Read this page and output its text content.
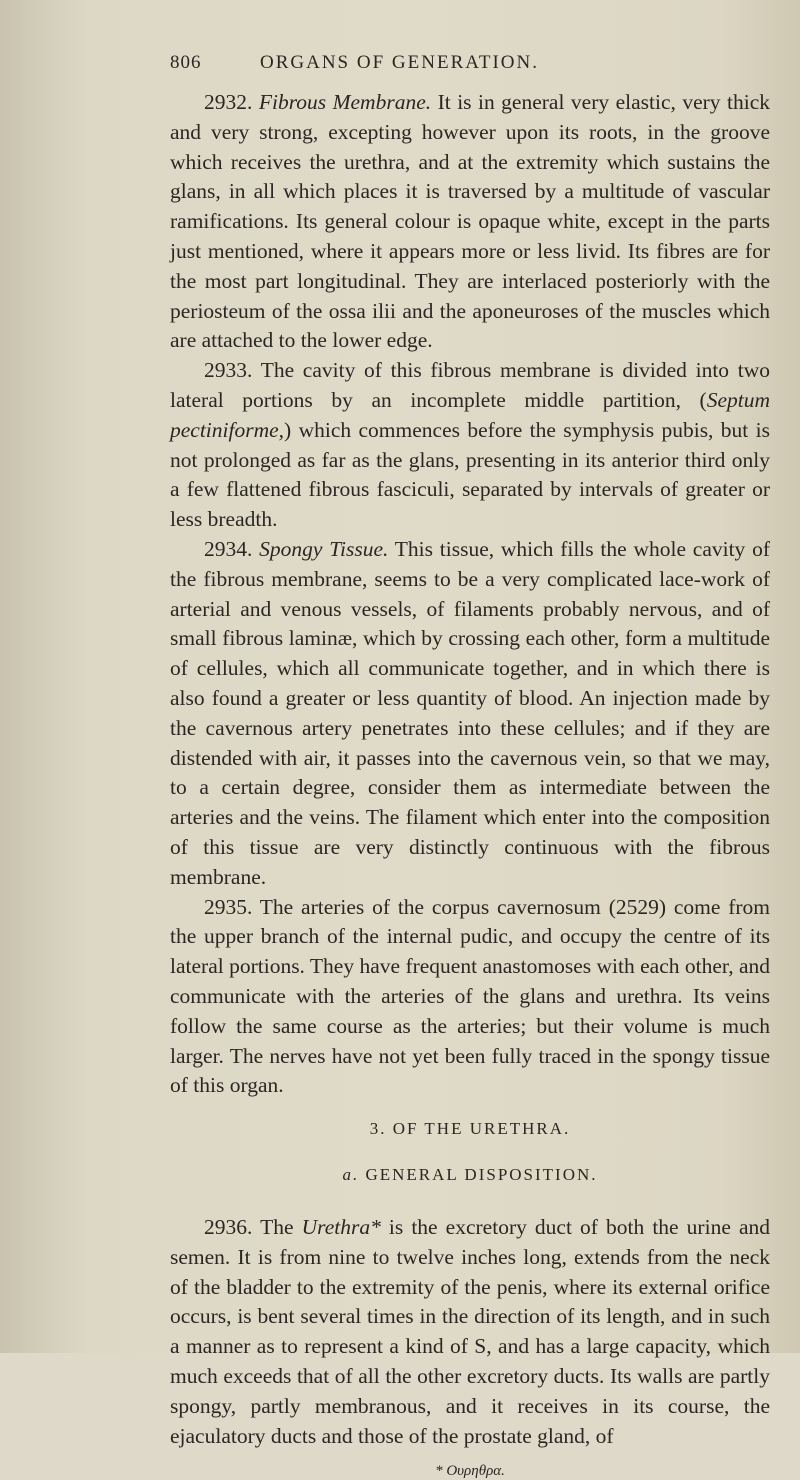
806	ORGANS OF GENERATION.

2932. Fibrous Membrane. It is in general very elastic, very thick and very strong, excepting however upon its roots, in the groove which receives the urethra, and at the extremity which sustains the glans, in all which places it is traversed by a multitude of vascular ramifications. Its general colour is opaque white, except in the parts just mentioned, where it appears more or less livid. Its fibres are for the most part longitudinal. They are interlaced posteriorly with the periosteum of the ossa ilii and the aponeuroses of the muscles which are attached to the lower edge.

2933. The cavity of this fibrous membrane is divided into two lateral portions by an incomplete middle partition, (Septum pectiniforme,) which commences before the symphysis pubis, but is not prolonged as far as the glans, presenting in its anterior third only a few flattened fibrous fasciculi, separated by intervals of greater or less breadth.

2934. Spongy Tissue. This tissue, which fills the whole cavity of the fibrous membrane, seems to be a very complicated lace-work of arterial and venous vessels, of filaments probably nervous, and of small fibrous laminæ, which by crossing each other, form a multitude of cellules, which all communicate together, and in which there is also found a greater or less quantity of blood. An injection made by the cavernous artery penetrates into these cellules; and if they are distended with air, it passes into the cavernous vein, so that we may, to a certain degree, consider them as intermediate between the arteries and the veins. The filament which enter into the composition of this tissue are very distinctly continuous with the fibrous membrane.

2935. The arteries of the corpus cavernosum (2529) come from the upper branch of the internal pudic, and occupy the centre of its lateral portions. They have frequent anastomoses with each other, and communicate with the arteries of the glans and urethra. Its veins follow the same course as the arteries; but their volume is much larger. The nerves have not yet been fully traced in the spongy tissue of this organ.

3. OF THE URETHRA.
a. GENERAL DISPOSITION.

2936. The Urethra* is the excretory duct of both the urine and semen. It is from nine to twelve inches long, extends from the neck of the bladder to the extremity of the penis, where its external orifice occurs, is bent several times in the direction of its length, and in such a manner as to represent a kind of S, and has a large capacity, which much exceeds that of all the other excretory ducts. Its walls are partly spongy, partly membranous, and it receives in its course, the ejaculatory ducts and those of the prostate gland, of

* Ουρηθρα.
